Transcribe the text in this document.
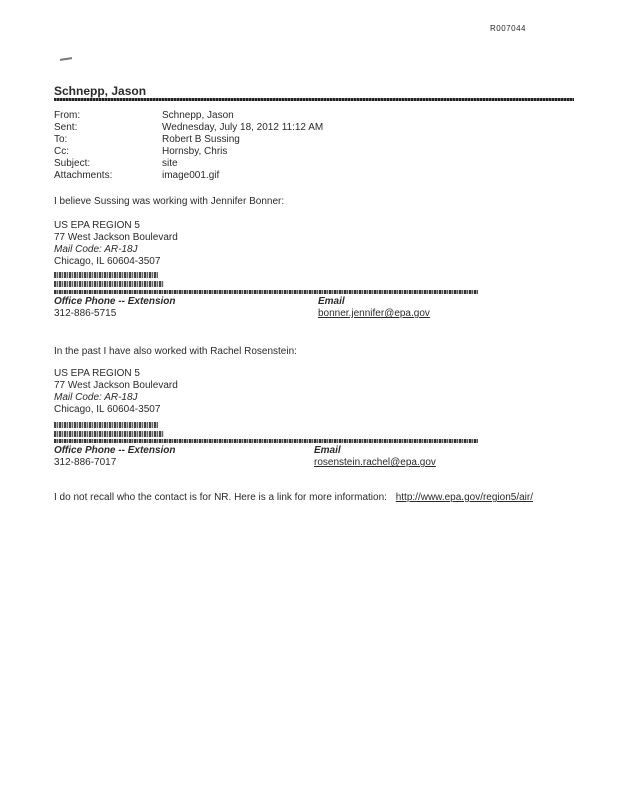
R007044
Schnepp, Jason
From:	Schnepp, Jason
Sent:	Wednesday, July 18, 2012 11:12 AM
To:	Robert B Sussing
Cc:	Hornsby, Chris
Subject:	site
Attachments:	image001.gif
I believe Sussing was working with Jennifer Bonner:
US EPA REGION 5
77 West Jackson Boulevard
Mail Code: AR-18J
Chicago, IL 60604-3507
Office Phone -- Extension	Email
312-886-5715	bonner.jennifer@epa.gov
In the past I have also worked with Rachel Rosenstein:
US EPA REGION 5
77 West Jackson Boulevard
Mail Code: AR-18J
Chicago, IL 60604-3507
Office Phone -- Extension	Email
312-886-7017	rosenstein.rachel@epa.gov
I do not recall who the contact is for NR. Here is a link for more information: http://www.epa.gov/region5/air/
